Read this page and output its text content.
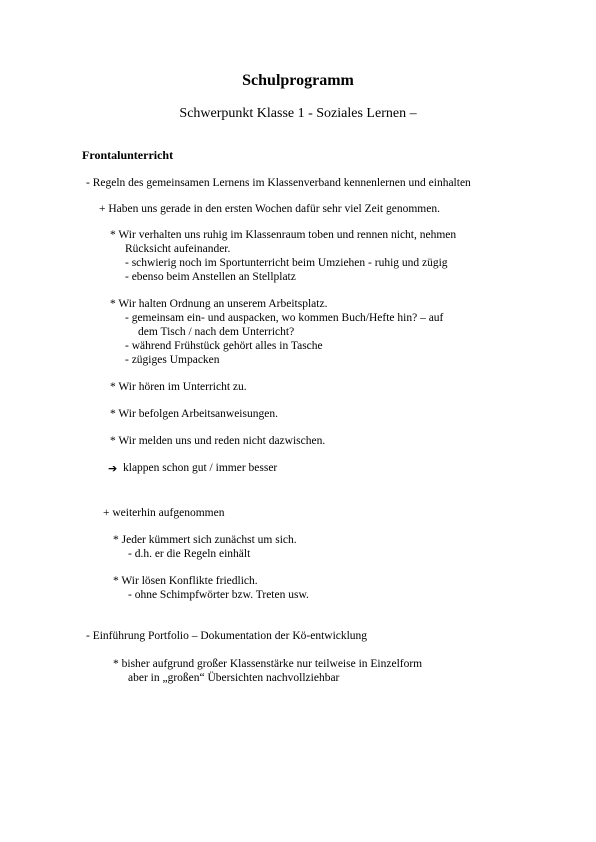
Schulprogramm
Schwerpunkt Klasse 1 - Soziales Lernen –
Frontalunterricht
- Regeln des gemeinsamen Lernens im Klassenverband kennenlernen und einhalten
+ Haben uns gerade in den ersten Wochen dafür sehr viel Zeit genommen.
* Wir verhalten uns ruhig im Klassenraum toben und rennen nicht, nehmen
Rücksicht aufeinander.
- schwierig noch im Sportunterricht beim Umziehen - ruhig und zügig
- ebenso beim Anstellen an Stellplatz
* Wir halten Ordnung an unserem Arbeitsplatz.
- gemeinsam ein- und auspacken, wo kommen Buch/Hefte hin? – auf
dem Tisch / nach dem Unterricht?
- während Frühstück gehört alles in Tasche
- zügiges Umpacken
* Wir hören im Unterricht zu.
* Wir befolgen Arbeitsanweisungen.
* Wir melden uns und reden nicht dazwischen.
➔ klappen schon gut / immer besser
+ weiterhin aufgenommen
* Jeder kümmert sich zunächst um sich.
- d.h. er die Regeln einhält
* Wir lösen Konflikte friedlich.
- ohne Schimpfwörter bzw. Treten usw.
- Einführung Portfolio – Dokumentation der Kö-entwicklung
* bisher aufgrund großer Klassenstärke nur teilweise in Einzelform
aber in „großen“ Übersichten nachvollziehbar
